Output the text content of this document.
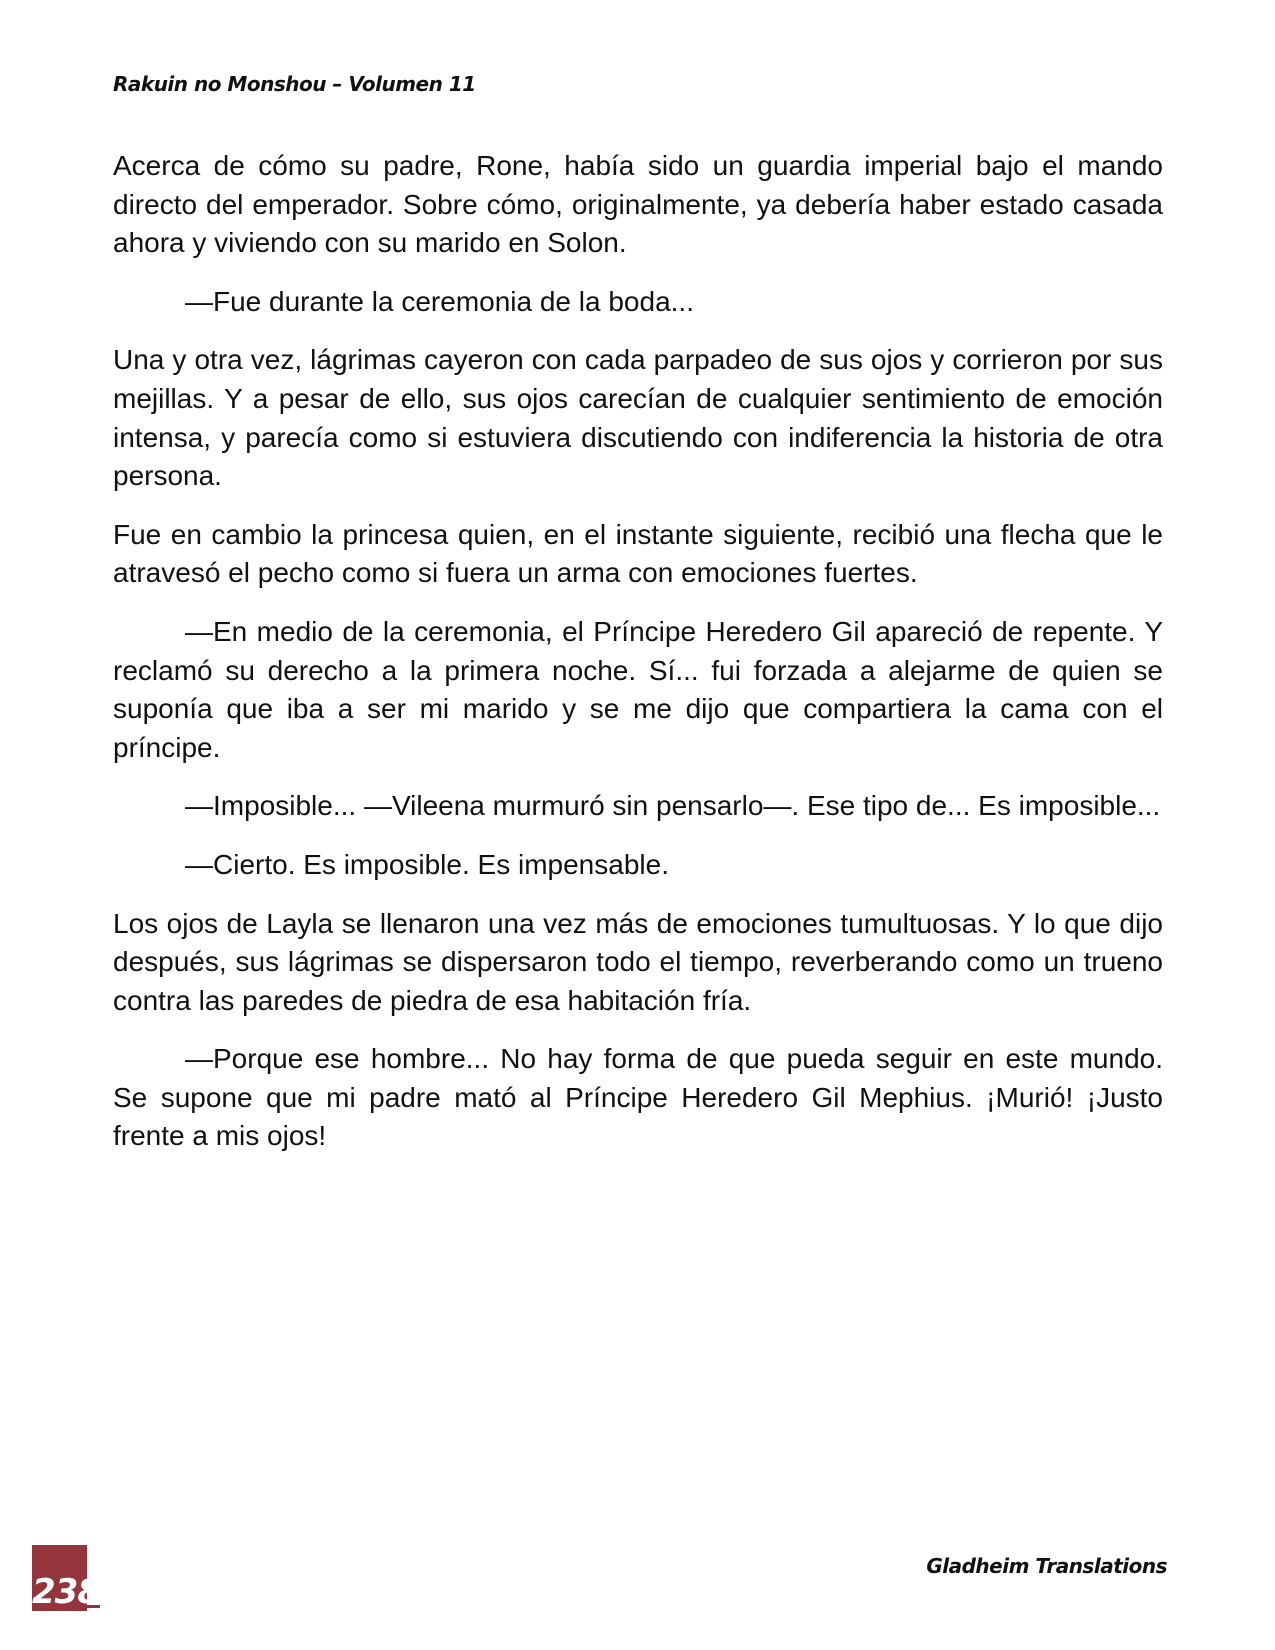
Rakuin no Monshou – Volumen 11

Acerca de cómo su padre, Rone, había sido un guardia imperial bajo el mando directo del emperador. Sobre cómo, originalmente, ya debería haber estado casada ahora y viviendo con su marido en Solon.

—Fue durante la ceremonia de la boda...

Una y otra vez, lágrimas cayeron con cada parpadeo de sus ojos y corrieron por sus mejillas. Y a pesar de ello, sus ojos carecían de cualquier sentimiento de emoción intensa, y parecía como si estuviera discutiendo con indiferencia la historia de otra persona.

Fue en cambio la princesa quien, en el instante siguiente, recibió una flecha que le atravesó el pecho como si fuera un arma con emociones fuertes.

—En medio de la ceremonia, el Príncipe Heredero Gil apareció de repente. Y reclamó su derecho a la primera noche. Sí... fui forzada a alejarme de quien se suponía que iba a ser mi marido y se me dijo que compartiera la cama con el príncipe.

—Imposible... —Vileena murmuró sin pensarlo—. Ese tipo de... Es imposible...

—Cierto. Es imposible. Es impensable.

Los ojos de Layla se llenaron una vez más de emociones tumultuosas. Y lo que dijo después, sus lágrimas se dispersaron todo el tiempo, reverberando como un trueno contra las paredes de piedra de esa habitación fría.

—Porque ese hombre... No hay forma de que pueda seguir en este mundo. Se supone que mi padre mató al Príncipe Heredero Gil Mephius. ¡Murió! ¡Justo frente a mis ojos!

238
Gladheim Translations
